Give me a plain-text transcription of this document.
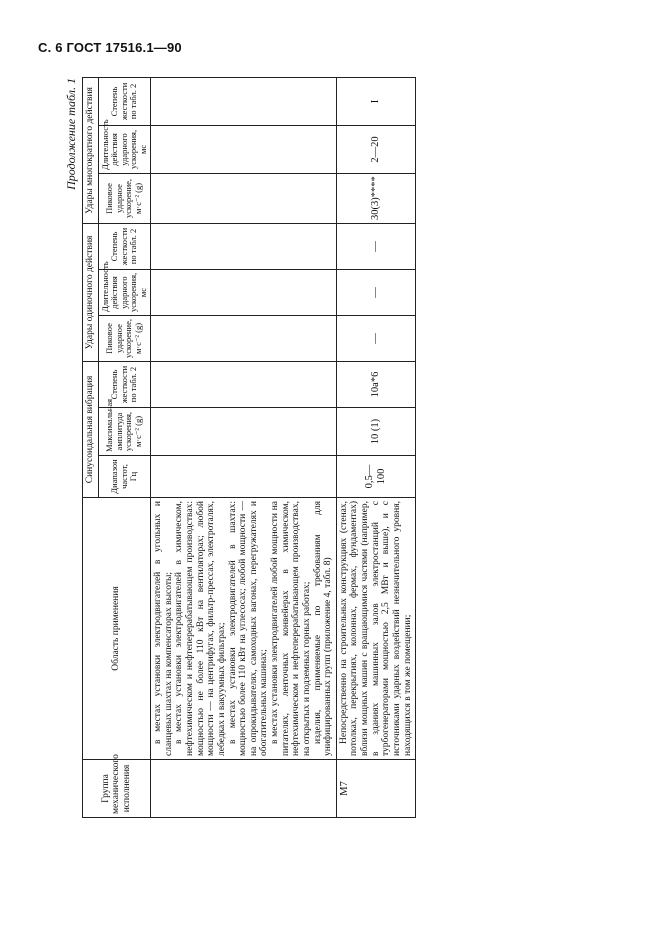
С. 6 ГОСТ 17516.1—90
Продолжение табл. 1
Группа механического исполнения	Область применения	Синусоидальная вибрация			Удары одиночного действия			Удары многократного действия		
		Диапазон частот, Гц	Максимальная амплитуда ускорения, м·с⁻² (g)	Степень жесткости по табл. 2	Пиковое ударное ускорение, м·с⁻² (g)	Длительность действия ударного ускорения, мс	Степень жесткости по табл. 2	Пиковое ударное ускорение, м·с⁻² (g)	Длительность действия ударного ускорения, мс	Степень жесткости по табл. 2

	в местах установки электродвигателей в угольных и сланцевых шахтах на компенсаторах высоты; в местах установки электродвигателей в химическом, нефтехимическом и нефтеперерабатывающем производствах: мощностью не более 110 кВт на вентиляторах; любой мощности — на центрифугах, фильтр-прессах, электроталях, лебедках и вакуумных фильтрах; в местах установки электродвигателей в шахтах: мощностью более 110 кВт на углесосах; любой мощности — на опрокидывателях, самоходных вагонах, перегружателях и обогатительных машинах; в местах установки электродвигателей любой мощности на питателях, ленточных конвейерах в химическом, нефтехимическом и нефтеперерабатывающем производствах, на открытых и подземных горных работах; изделия, применяемые по требованиям для унифицированных групп (приложение 4, табл. 8)									

М7	Непосредственно на строительных конструкциях (стенах, потолках, перекрытиях, колоннах, фермах, фундаментах) вблизи мощных машин с вращающимися частями (например, в зданиях машинных залов электростанций с турбогенераторами мощностью 2,5 МВт и выше), и с источниками ударных воздействий незначительного уровня, находящихся в том же помещении;	0,5—100	10 (1)	10а*6	—	—	—	30(3)****	2—20	I
